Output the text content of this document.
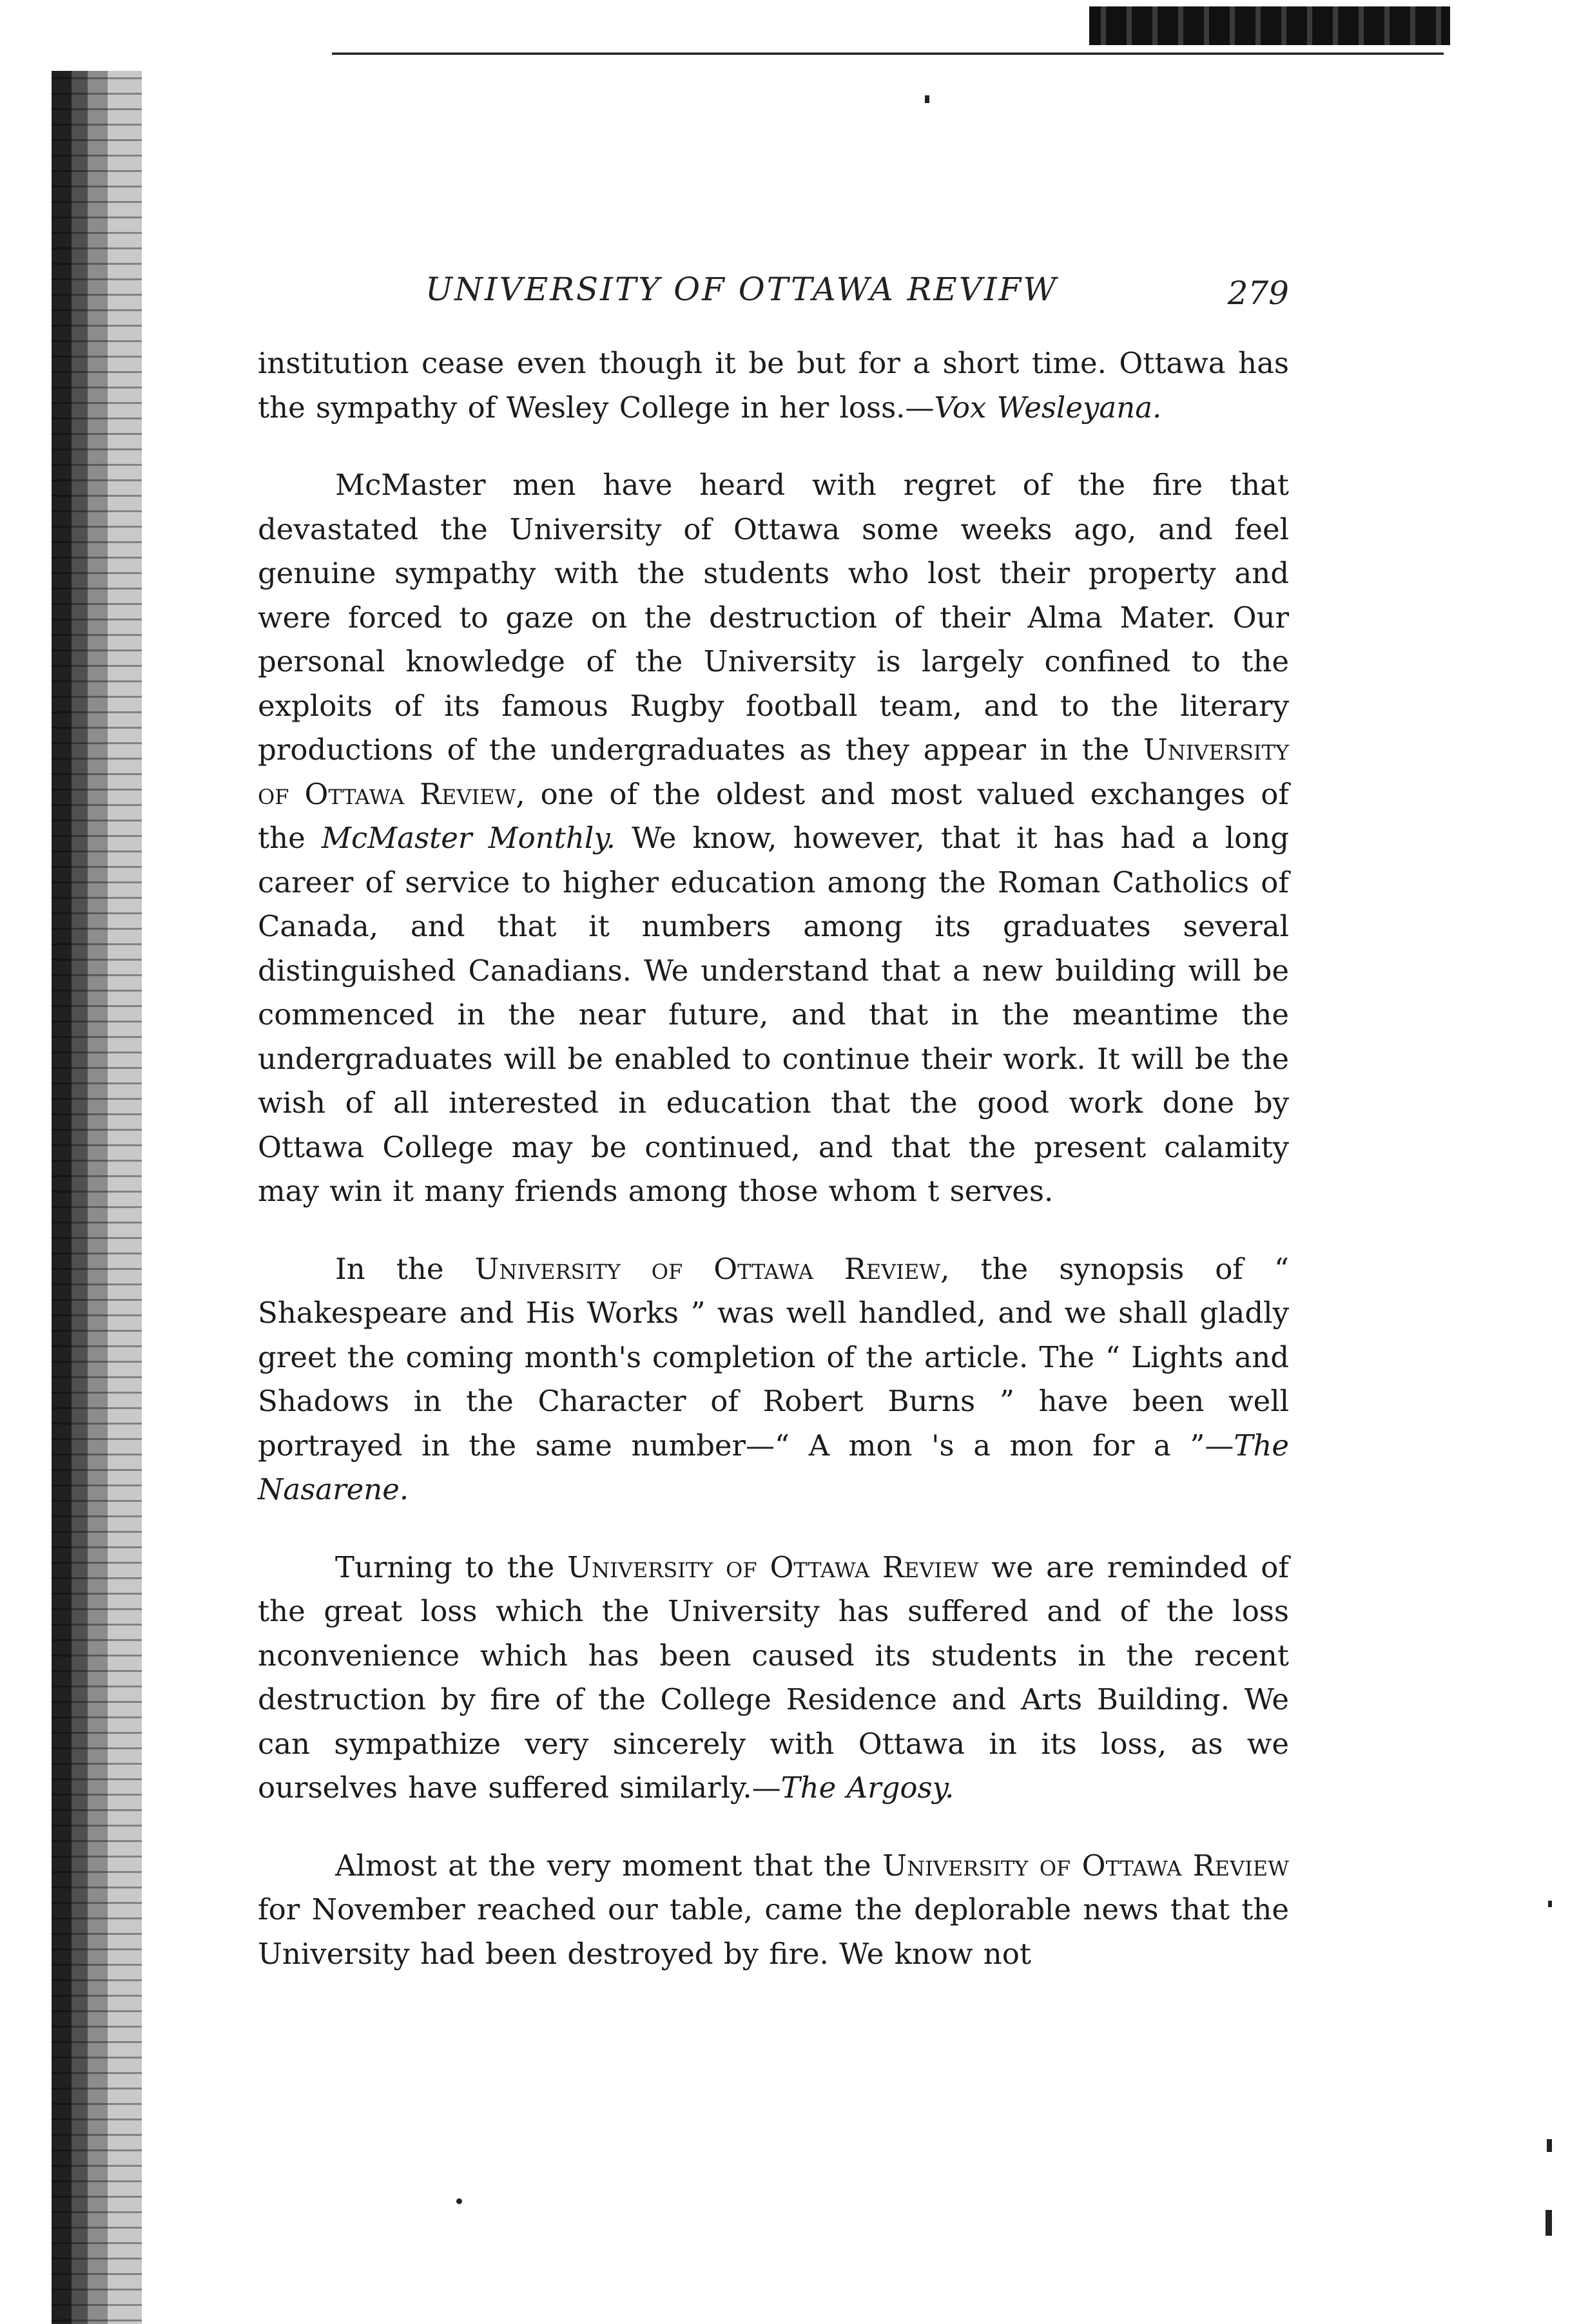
UNIVERSITY OF OTTAWA REVIFW	279

institution cease even though it be but for a short time. Ottawa has the sympathy of Wesley College in her loss.—Vox Wesleyana.

McMaster men have heard with regret of the fire that devastated the University of Ottawa some weeks ago, and feel genuine sympathy with the students who lost their property and were forced to gaze on the destruction of their Alma Mater. Our personal knowledge of the University is largely confined to the exploits of its famous Rugby football team, and to the literary productions of the undergraduates as they appear in the University of Ottawa Review, one of the oldest and most valued exchanges of the McMaster Monthly. We know, however, that it has had a long career of service to higher education among the Roman Catholics of Canada, and that it numbers among its graduates several distinguished Canadians. We understand that a new building will be commenced in the near future, and that in the meantime the undergraduates will be enabled to continue their work. It will be the wish of all interested in education that the good work done by Ottawa College may be continued, and that the present calamity may win it many friends among those whom t serves.

In the University of Ottawa Review, the synopsis of “ Shakespeare and His Works ” was well handled, and we shall gladly greet the coming month's completion of the article. The “ Lights and Shadows in the Character of Robert Burns ” have been well portrayed in the same number—“ A mon 's a mon for a ”—The Nasarene.

Turning to the University of Ottawa Review we are reminded of the great loss which the University has suffered and of the loss nconvenience which has been caused its students in the recent destruction by fire of the College Residence and Arts Building. We can sympathize very sincerely with Ottawa in its loss, as we ourselves have suffered similarly.—The Argosy.

Almost at the very moment that the University of Ottawa Review for November reached our table, came the deplorable news that the University had been destroyed by fire. We know not
